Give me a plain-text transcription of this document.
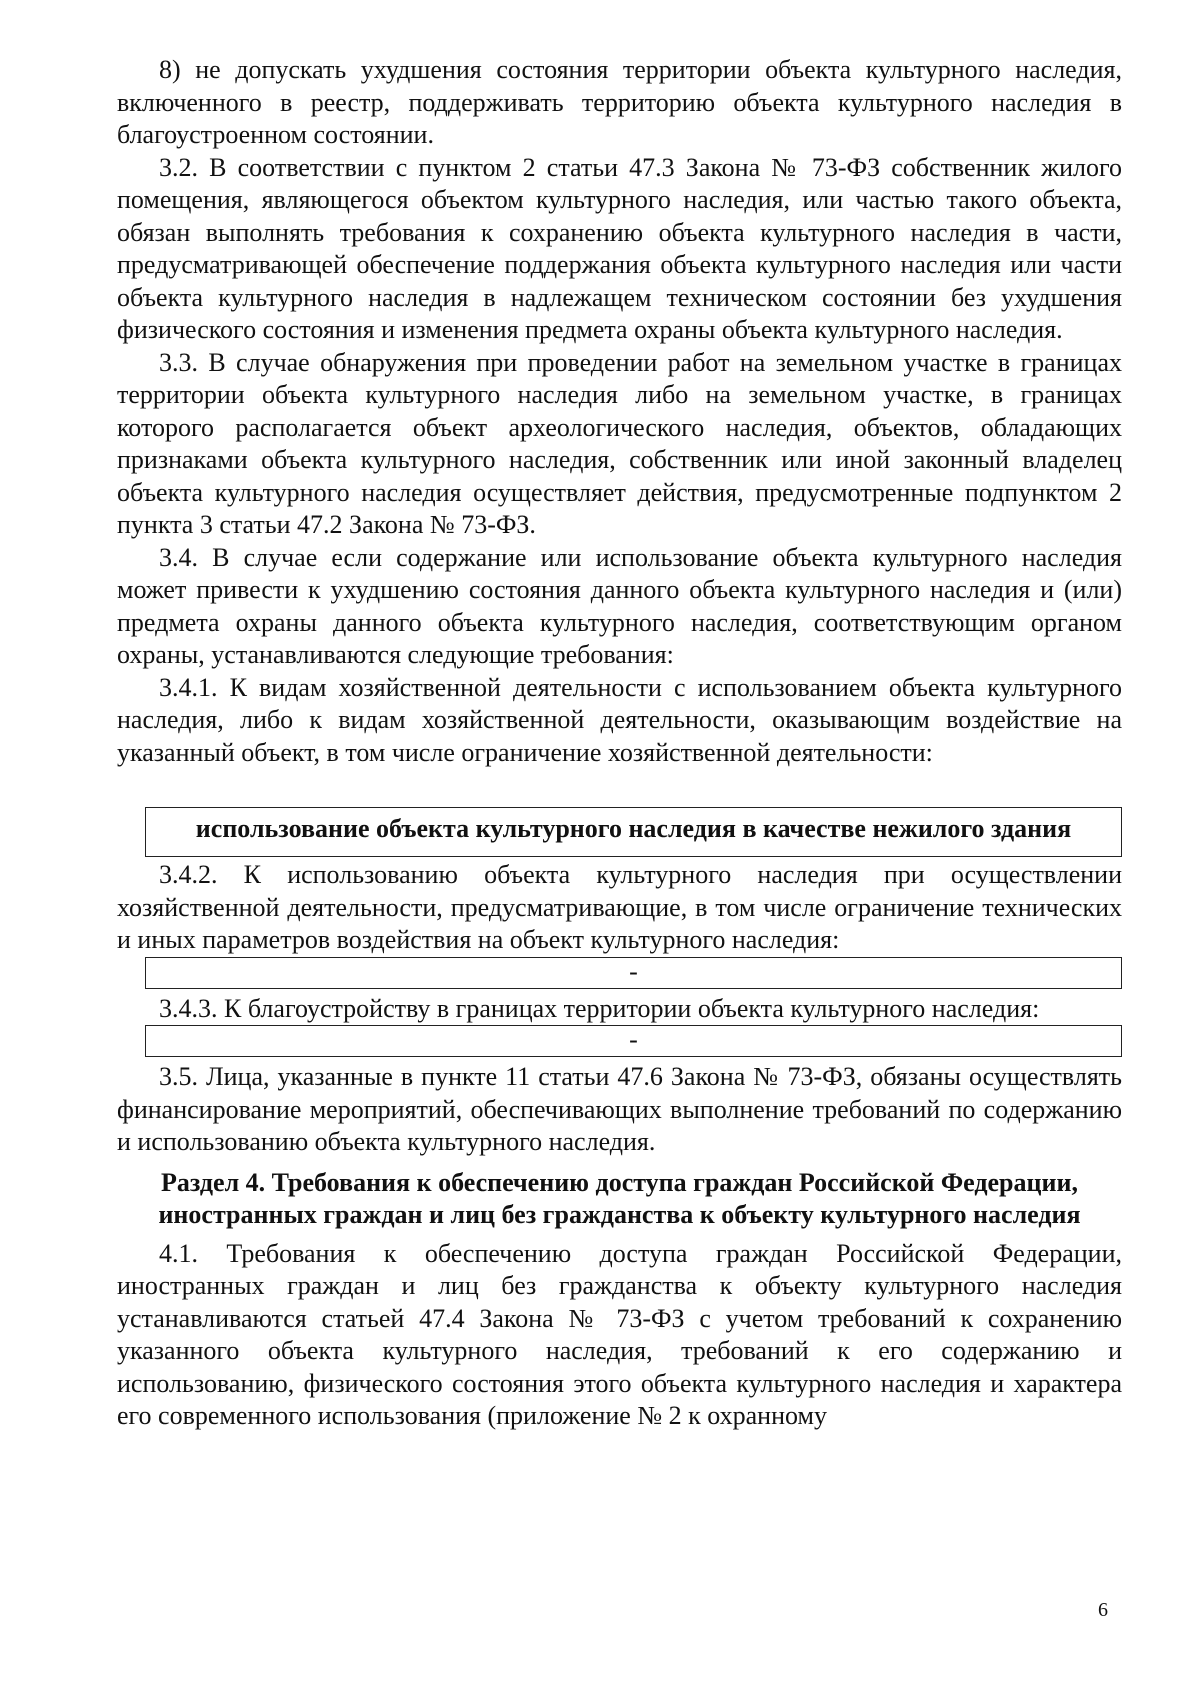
8) не допускать ухудшения состояния территории объекта культурного наследия, включенного в реестр, поддерживать территорию объекта культурного наследия в благоустроенном состоянии.

3.2. В соответствии с пунктом 2 статьи 47.3 Закона № 73-ФЗ собственник жилого помещения, являющегося объектом культурного наследия, или частью такого объекта, обязан выполнять требования к сохранению объекта культурного наследия в части, предусматривающей обеспечение поддержания объекта культурного наследия или части объекта культурного наследия в надлежащем техническом состоянии без ухудшения физического состояния и изменения предмета охраны объекта культурного наследия.

3.3. В случае обнаружения при проведении работ на земельном участке в границах территории объекта культурного наследия либо на земельном участке, в границах которого располагается объект археологического наследия, объектов, обладающих признаками объекта культурного наследия, собственник или иной законный владелец объекта культурного наследия осуществляет действия, предусмотренные подпунктом 2 пункта 3 статьи 47.2 Закона № 73-ФЗ.

3.4. В случае если содержание или использование объекта культурного наследия может привести к ухудшению состояния данного объекта культурного наследия и (или) предмета охраны данного объекта культурного наследия, соответствующим органом охраны, устанавливаются следующие требования:

3.4.1. К видам хозяйственной деятельности с использованием объекта культурного наследия, либо к видам хозяйственной деятельности, оказывающим воздействие на указанный объект, в том числе ограничение хозяйственной деятельности:

использование объекта культурного наследия в качестве нежилого здания

3.4.2. К использованию объекта культурного наследия при осуществлении хозяйственной деятельности, предусматривающие, в том числе ограничение технических и иных параметров воздействия на объект культурного наследия:

-

3.4.3. К благоустройству в границах территории объекта культурного наследия:

-

3.5. Лица, указанные в пункте 11 статьи 47.6 Закона № 73-ФЗ, обязаны осуществлять финансирование мероприятий, обеспечивающих выполнение требований по содержанию и использованию объекта культурного наследия.

Раздел 4. Требования к обеспечению доступа граждан Российской Федерации, иностранных граждан и лиц без гражданства к объекту культурного наследия

4.1. Требования к обеспечению доступа граждан Российской Федерации, иностранных граждан и лиц без гражданства к объекту культурного наследия устанавливаются статьей 47.4 Закона № 73-ФЗ с учетом требований к сохранению указанного объекта культурного наследия, требований к его содержанию и использованию, физического состояния этого объекта культурного наследия и характера его современного использования (приложение № 2 к охранному

6
